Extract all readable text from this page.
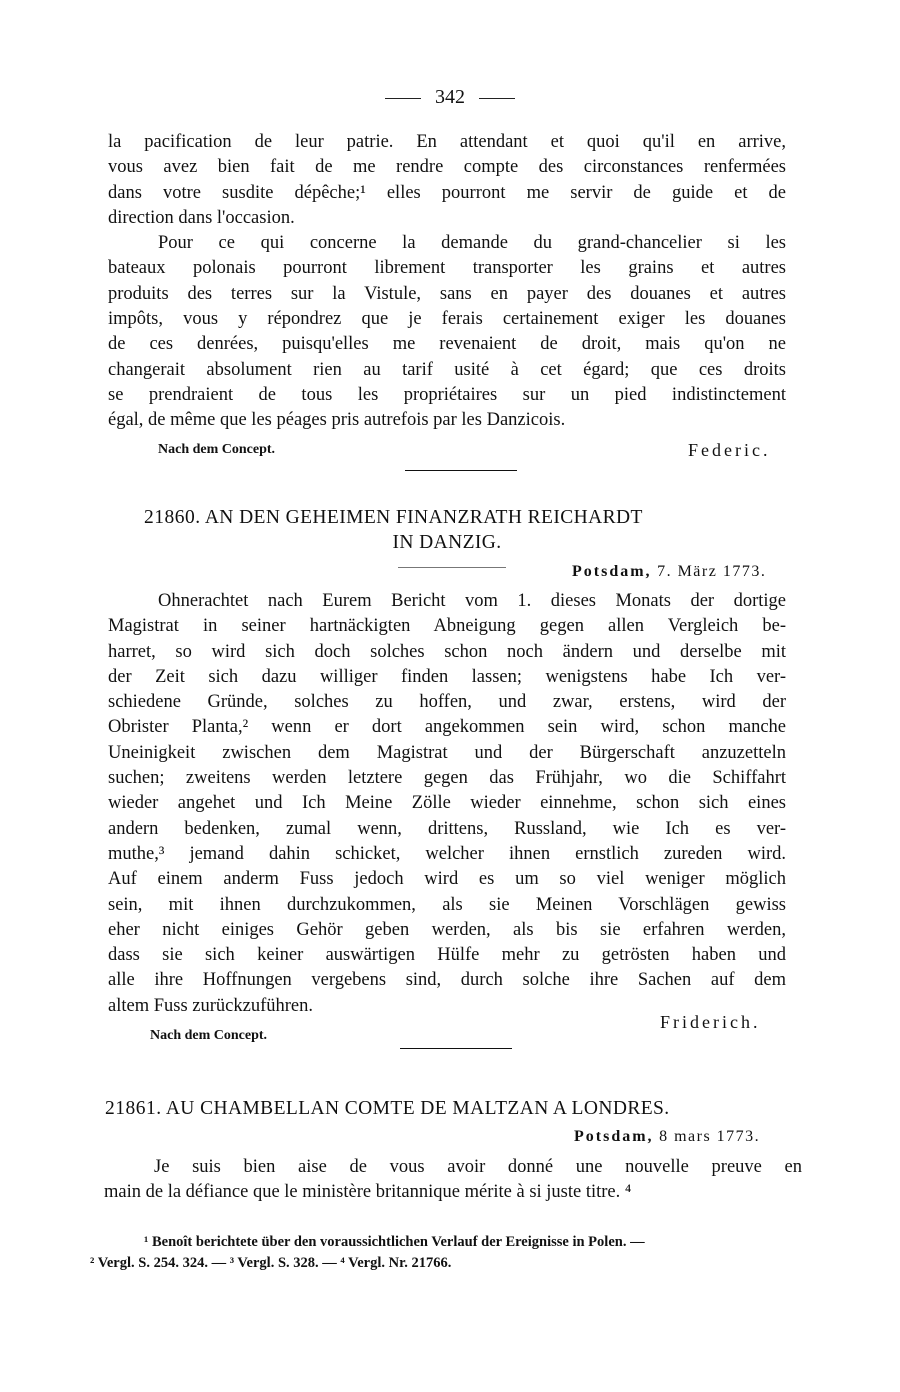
342
la pacification de leur patrie. En attendant et quoi qu'il en arrive,
vous avez bien fait de me rendre compte des circonstances renfermées
dans votre susdite dépêche;¹ elles pourront me servir de guide et de
direction dans l'occasion.
Pour ce qui concerne la demande du grand-chancelier si les
bateaux polonais pourront librement transporter les grains et autres
produits des terres sur la Vistule, sans en payer des douanes et autres
impôts, vous y répondrez que je ferais certainement exiger les douanes
de ces denrées, puisqu'elles me revenaient de droit, mais qu'on ne
changerait absolument rien au tarif usité à cet égard; que ces droits
se prendraient de tous les propriétaires sur un pied indistinctement
égal, de même que les péages pris autrefois par les Danzicois.
Nach dem Concept.	Federic.
21860. AN DEN GEHEIMEN FINANZRATH REICHARDT
IN DANZIG.
Potsdam, 7. März 1773.
Ohnerachtet nach Eurem Bericht vom 1. dieses Monats der dortige
Magistrat in seiner hartnäckigten Abneigung gegen allen Vergleich be-
harret, so wird sich doch solches schon noch ändern und derselbe mit
der Zeit sich dazu williger finden lassen; wenigstens habe Ich ver-
schiedene Gründe, solches zu hoffen, und zwar, erstens, wird der
Obrister Planta,² wenn er dort angekommen sein wird, schon manche
Uneinigkeit zwischen dem Magistrat und der Bürgerschaft anzuzetteln
suchen; zweitens werden letztere gegen das Frühjahr, wo die Schiffahrt
wieder angehet und Ich Meine Zölle wieder einnehme, schon sich eines
andern bedenken, zumal wenn, drittens, Russland, wie Ich es ver-
muthe,³ jemand dahin schicket, welcher ihnen ernstlich zureden wird.
Auf einem anderm Fuss jedoch wird es um so viel weniger möglich
sein, mit ihnen durchzukommen, als sie Meinen Vorschlägen gewiss
eher nicht einiges Gehör geben werden, als bis sie erfahren werden,
dass sie sich keiner auswärtigen Hülfe mehr zu getrösten haben und
alle ihre Hoffnungen vergebens sind, durch solche ihre Sachen auf dem
altem Fuss zurückzuführen.
Friderich.
Nach dem Concept.
21861. AU CHAMBELLAN COMTE DE MALTZAN A LONDRES.
Potsdam, 8 mars 1773.
Je suis bien aise de vous avoir donné une nouvelle preuve en
main de la défiance que le ministère britannique mérite à si juste titre. ⁴
¹ Benoît berichtete über den voraussichtlichen Verlauf der Ereignisse in Polen. —
² Vergl. S. 254. 324. — ³ Vergl. S. 328. — ⁴ Vergl. Nr. 21766.
